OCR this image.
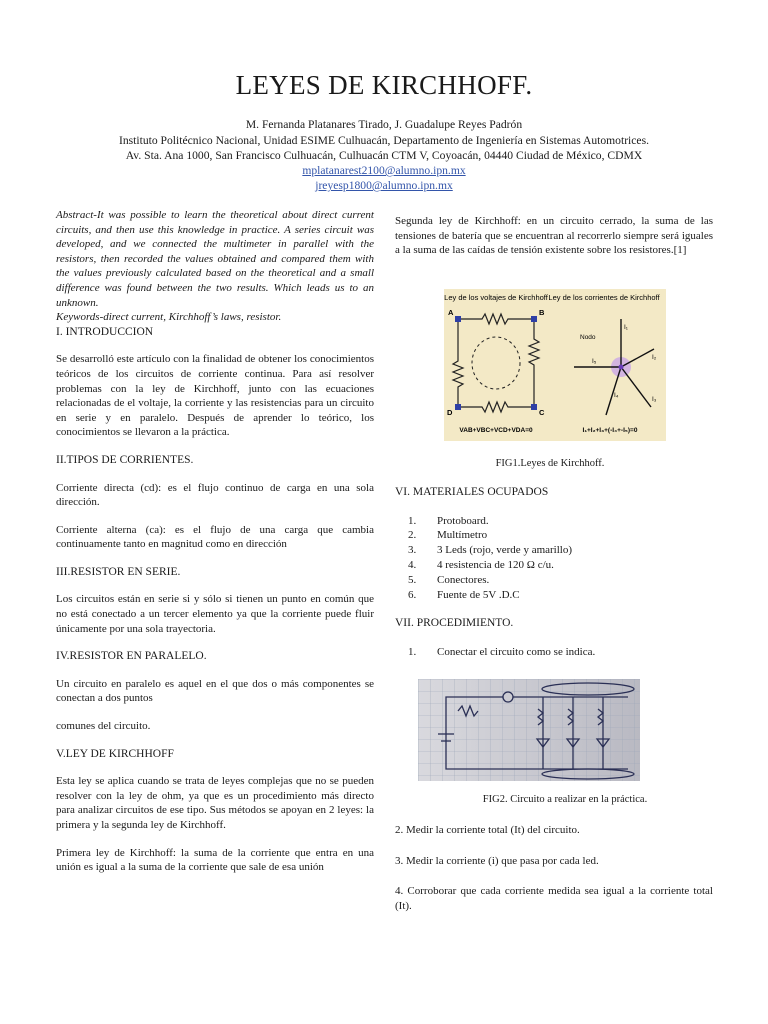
LEYES DE KIRCHHOFF.
M. Fernanda Platanares Tirado, J. Guadalupe Reyes Padrón
Instituto Politécnico Nacional, Unidad ESIME Culhuacán, Departamento de Ingeniería en Sistemas Automotrices.
Av. Sta. Ana 1000, San Francisco Culhuacán, Culhuacán CTM V, Coyoacán, 04440 Ciudad de México, CDMX
mplatanarest2100@alumno.ipn.mx
jreyesp1800@alumno.ipn.mx

Abstract-It was possible to learn the theoretical about direct current circuits, and then use this knowledge in practice. A series circuit was developed, and we connected the multimeter in parallel with the resistors, then recorded the values obtained and compared them with the values previously calculated based on the theoretical and a small difference was found between the two results. Which leads us to an unknown.

Keywords-direct current, Kirchhoff’s laws, resistor.

I. INTRODUCCION

Se desarrolló este artículo con la finalidad de obtener los conocimientos teóricos de los circuitos de corriente continua. Para así resolver problemas con la ley de Kirchhoff, junto con las ecuaciones relacionadas de el voltaje, la corriente y las resistencias para un circuito en serie y en paralelo. Después de aprender lo teórico, los conocimientos se llevaron a la práctica.

II.TIPOS DE CORRIENTES.

Corriente directa (cd): es el flujo continuo de carga en una sola dirección.

Corriente alterna (ca): es el flujo de una carga que cambia continuamente tanto en magnitud como en dirección

III.RESISTOR EN SERIE.

Los circuitos están en serie si y sólo si tienen un punto en común que no está conectado a un tercer elemento ya que la corriente puede fluir únicamente por una sola trayectoria.

IV.RESISTOR EN PARALELO.

Un circuito en paralelo es aquel en el que dos o más componentes se conectan a dos puntos

comunes del circuito.

V.LEY DE KIRCHHOFF

Esta ley se aplica cuando se trata de leyes complejas que no se pueden resolver con la ley de ohm, ya que es un procedimiento más directo para analizar circuitos de ese tipo. Sus métodos se apoyan en 2 leyes: la primera y la segunda ley de Kirchhoff.

Primera ley de Kirchhoff: la suma de la corriente que entra en una unión es igual a la suma de la corriente que sale de esa unión

Segunda ley de Kirchhoff: en un circuito cerrado, la suma de las tensiones de batería que se encuentran al recorrerlo siempre será iguales a la suma de las caídas de tensión existente sobre los resistores.[1]

Ley de los voltajes de Kirchhoff Ley de los corrientes de Kirchhoff
A	B
C
D
VAB+VBC+VCD+VDA=0
Nodo
I₁
I₂
I₃
I₄
I₅
I₁+I₂+I₃+(-I₄+-I₅)=0
FIG1.Leyes de Kirchhoff.

VI. MATERIALES OCUPADOS

1. Protoboard.
2. Multímetro
3. 3 Leds (rojo, verde y amarillo)
4. 4 resistencia de 120 Ω c/u.
5. Conectores.
6. Fuente de 5V .D.C

VII. PROCEDIMIENTO.

1. Conectar el circuito como se indica.
FIG2. Circuito a realizar en la práctica.

2. Medir la corriente total (It) del circuito.

3. Medir la corriente (i) que pasa por cada led.

4. Corroborar que cada corriente medida sea igual a la corriente total (It).
